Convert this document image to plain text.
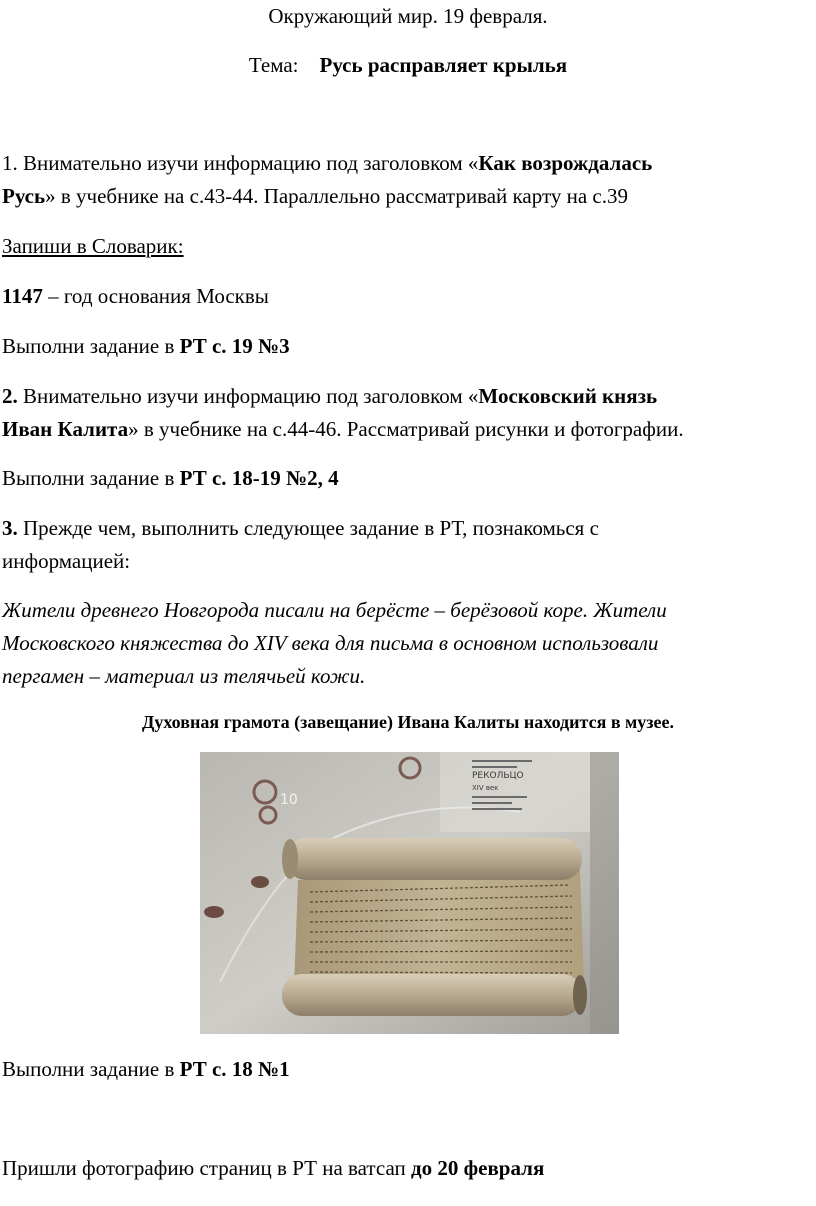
Окружающий мир. 19 февраля.
Тема: Русь расправляет крылья
1. Внимательно изучи информацию под заголовком «Как возрождалась
Русь» в учебнике на с.43-44. Параллельно рассматривай карту на с.39
Запиши в Словарик:
1147 – год основания Москвы
Выполни задание в РТ с. 19 №3
2. Внимательно изучи информацию под заголовком «Московский князь
Иван Калита» в учебнике на с.44-46. Рассматривай рисунки и фотографии.
Выполни задание в РТ с. 18-19 №2, 4
3. Прежде чем, выполнить следующее задание в РТ, познакомься с
информацией:
Жители древнего Новгорода писали на берёсте – берёзовой коре. Жители
Московского княжества до XIV века для письма в основном использовали
пергамен – материал из телячьей кожи.
Духовная грамота (завещание) Ивана Калиты находится в музее.
10
РЕКОЛЬЦО
XIV век
Выполни задание в РТ с. 18 №1
Пришли фотографию страниц в РТ на ватсап до 20 февраля
